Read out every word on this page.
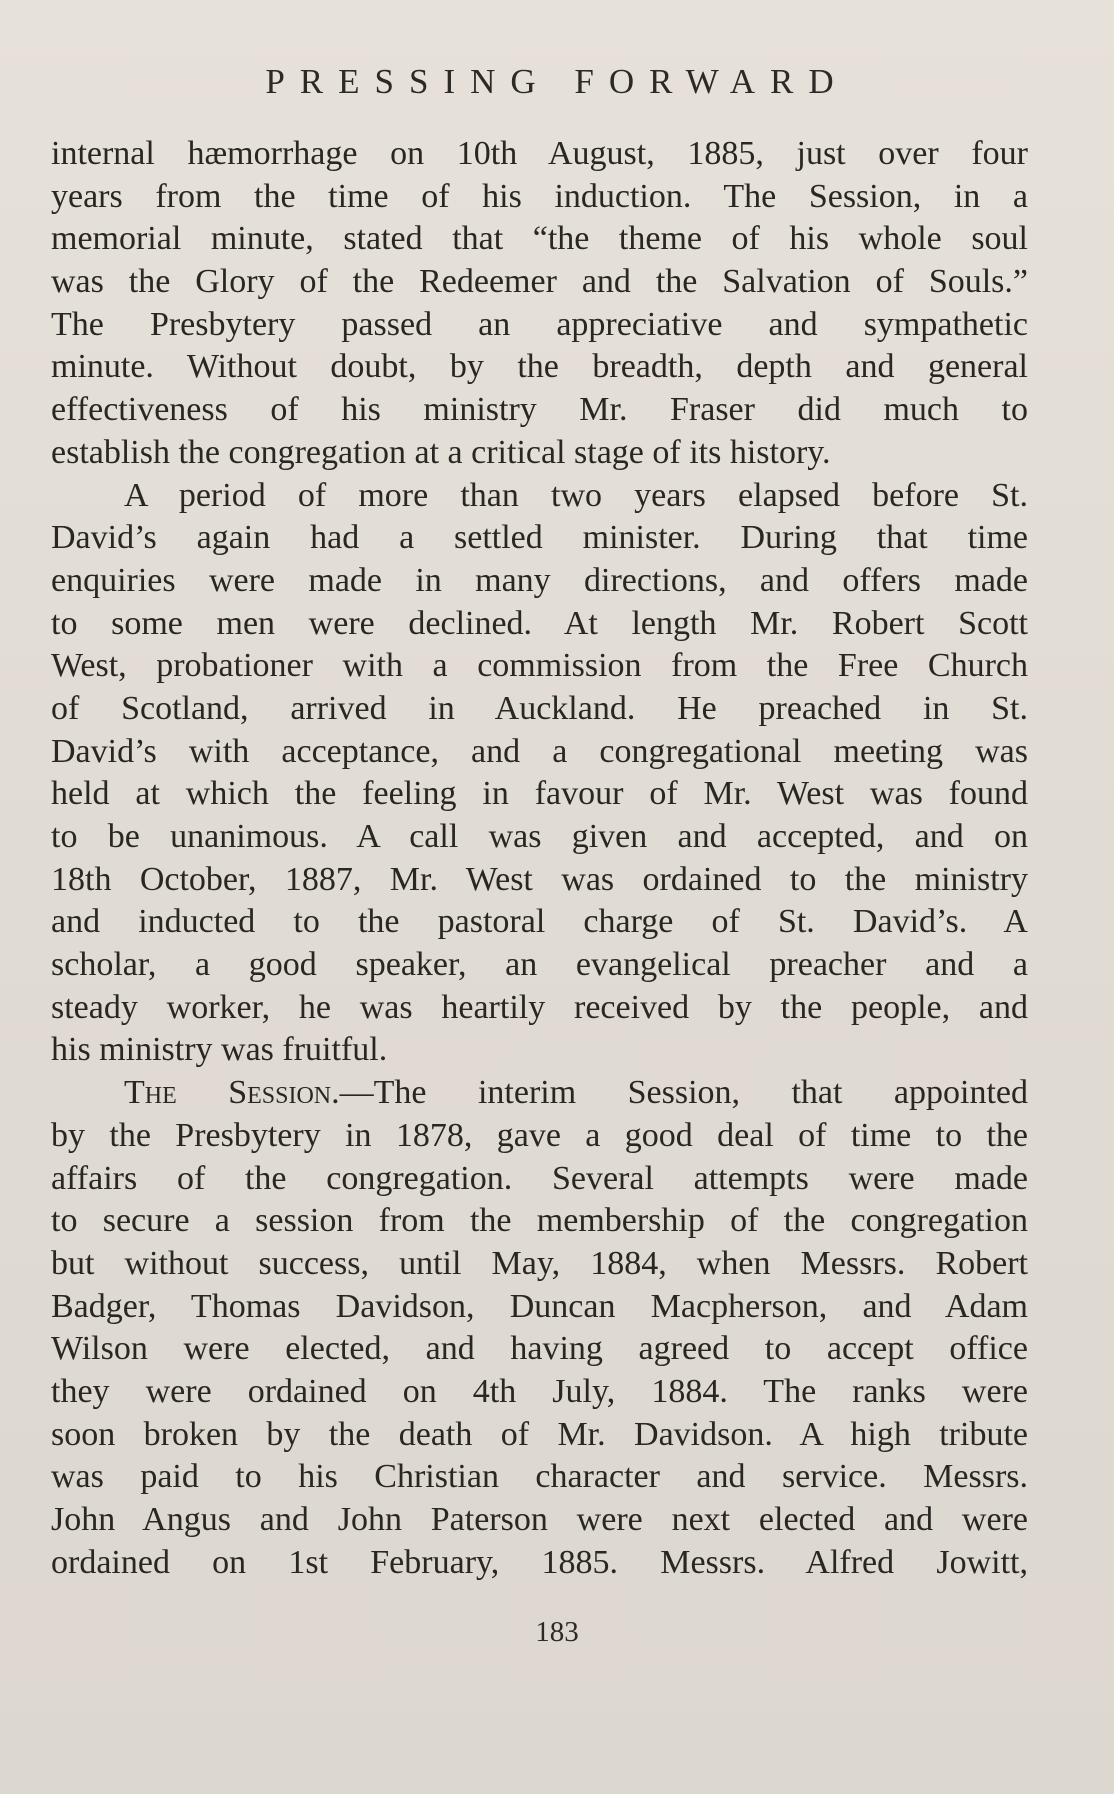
PRESSING FORWARD
internal hæmorrhage on 10th August, 1885, just over four
years from the time of his induction. The Session, in a
memorial minute, stated that “the theme of his whole soul
was the Glory of the Redeemer and the Salvation of Souls.”
The Presbytery passed an appreciative and sympathetic
minute. Without doubt, by the breadth, depth and general
effectiveness of his ministry Mr. Fraser did much to
establish the congregation at a critical stage of its history.
A period of more than two years elapsed before St.
David’s again had a settled minister. During that time
enquiries were made in many directions, and offers made
to some men were declined. At length Mr. Robert Scott
West, probationer with a commission from the Free Church
of Scotland, arrived in Auckland. He preached in St.
David’s with acceptance, and a congregational meeting was
held at which the feeling in favour of Mr. West was found
to be unanimous. A call was given and accepted, and on
18th October, 1887, Mr. West was ordained to the ministry
and inducted to the pastoral charge of St. David’s. A
scholar, a good speaker, an evangelical preacher and a
steady worker, he was heartily received by the people, and
his ministry was fruitful.
The Session.—The interim Session, that appointed
by the Presbytery in 1878, gave a good deal of time to the
affairs of the congregation. Several attempts were made
to secure a session from the membership of the congregation
but without success, until May, 1884, when Messrs. Robert
Badger, Thomas Davidson, Duncan Macpherson, and Adam
Wilson were elected, and having agreed to accept office
they were ordained on 4th July, 1884. The ranks were
soon broken by the death of Mr. Davidson. A high tribute
was paid to his Christian character and service. Messrs.
John Angus and John Paterson were next elected and were
ordained on 1st February, 1885. Messrs. Alfred Jowitt,
183
